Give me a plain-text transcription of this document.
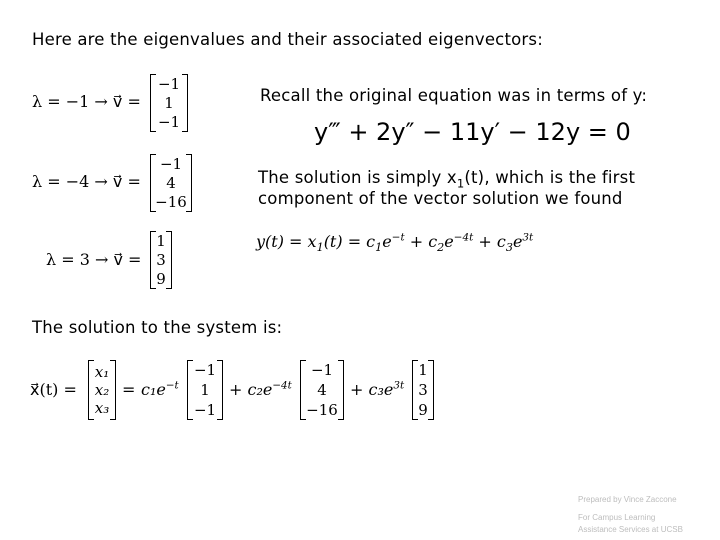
Here are the eigenvalues and their associated eigenvectors:
λ = −1 → v⃗ =
−1
1
−1
λ = −4 → v⃗ =
−1
4
−16
λ = 3 → v⃗ =
1
3
9
Recall the original equation was in terms of y:
y‴ + 2y″ − 11y′ − 12y = 0
The solution is simply $x_1(t)$, which is the first
component of the vector solution we found
$y(t) = x_1(t) = c_1e^{-t} + c_2e^{-4t} + c_3e^{3t}$
The solution to the system is:
x⃗(t) =
x₁
x₂
x₃
= $c_1e^{-t}$
−1
1
−1
+ $c_2e^{-4t}$
−1
4
−16
+ $c_3e^{3t}$
1
3
9
Prepared by Vince Zaccone
For Campus Learning
Assistance Services at UCSB
